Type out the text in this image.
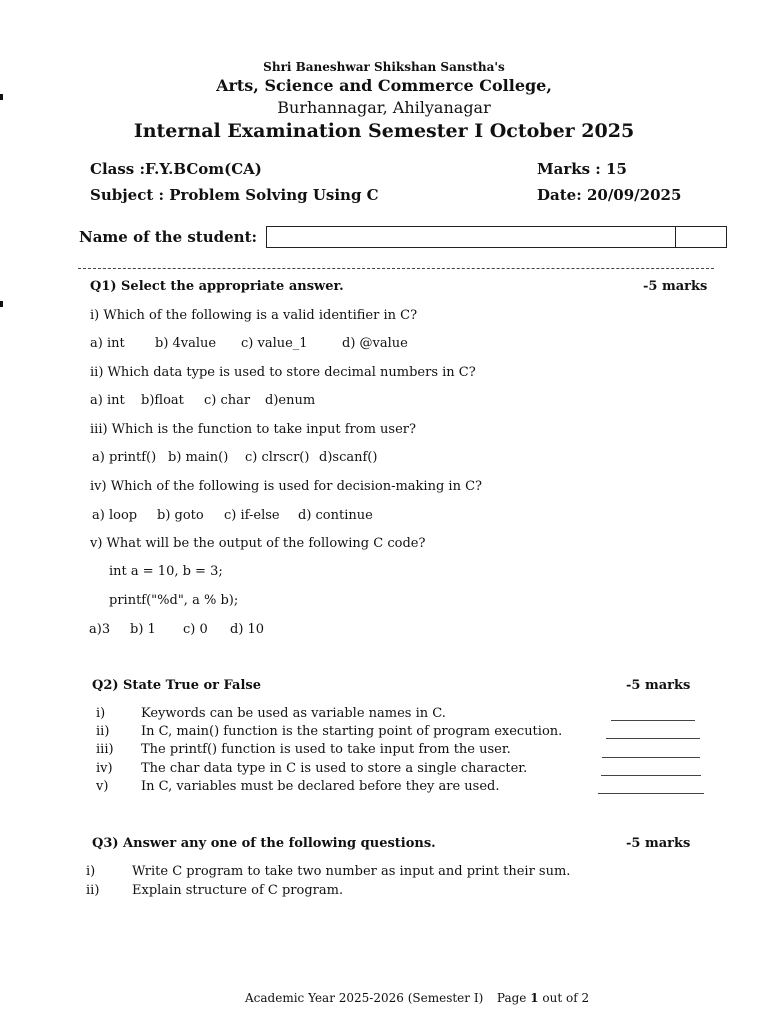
Shri Baneshwar Shikshan Sanstha's
Arts, Science and Commerce College,
Burhannagar, Ahilyanagar
Internal Examination Semester I October 2025
Class :F.Y.BCom(CA)
Subject : Problem Solving Using C
Marks : 15
Date: 20/09/2025
Name of the student:
Q1) Select the appropriate answer.	-5 marks
i) Which of the following is a valid identifier in C?
a) int b) 4value c) value_1	d) @value
ii) Which data type is used to store decimal numbers in C?
a) int b)float c) char d)enum
iii) Which is the function to take input from user?
a) printf() b) main() c) clrscr() d)scanf()
iv) Which of the following is used for decision-making in C?
a) loop b) goto c) if-else d) continue
v) What will be the output of the following C code?
int a = 10, b = 3;
printf("%d", a % b);
a)3 b) 1 c) 0 d) 10
Q2) State True or False	-5 marks
i)	Keywords can be used as variable names in C.
ii) In C, main() function is the starting point of program execution.
iii) The printf() function is used to take input from the user.
iv) The char data type in C is used to store a single character.
v)	In C, variables must be declared before they are used.
Q3) Answer any one of the following questions.	-5 marks
i)	Write C program to take two number as input and print their sum.
ii)	Explain structure of C program.
Academic Year 2025-2026 (Semester I) Page 1 out of 2
